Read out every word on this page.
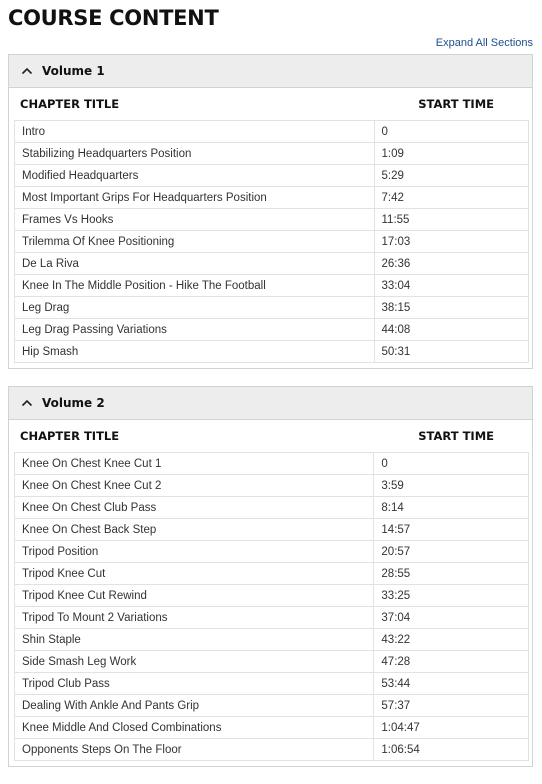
COURSE CONTENT
Expand All Sections
Volume 1
CHAPTER TITLE	START TIME
Intro	0
Stabilizing Headquarters Position	1:09
Modified Headquarters	5:29
Most Important Grips For Headquarters Position	7:42
Frames Vs Hooks	11:55
Trilemma Of Knee Positioning	17:03
De La Riva	26:36
Knee In The Middle Position - Hike The Football	33:04
Leg Drag	38:15
Leg Drag Passing Variations	44:08
Hip Smash	50:31
Volume 2
CHAPTER TITLE	START TIME
Knee On Chest Knee Cut 1	0
Knee On Chest Knee Cut 2	3:59
Knee On Chest Club Pass	8:14
Knee On Chest Back Step	14:57
Tripod Position	20:57
Tripod Knee Cut	28:55
Tripod Knee Cut Rewind	33:25
Tripod To Mount 2 Variations	37:04
Shin Staple	43:22
Side Smash Leg Work	47:28
Tripod Club Pass	53:44
Dealing With Ankle And Pants Grip	57:37
Knee Middle And Closed Combinations	1:04:47
Opponents Steps On The Floor	1:06:54
